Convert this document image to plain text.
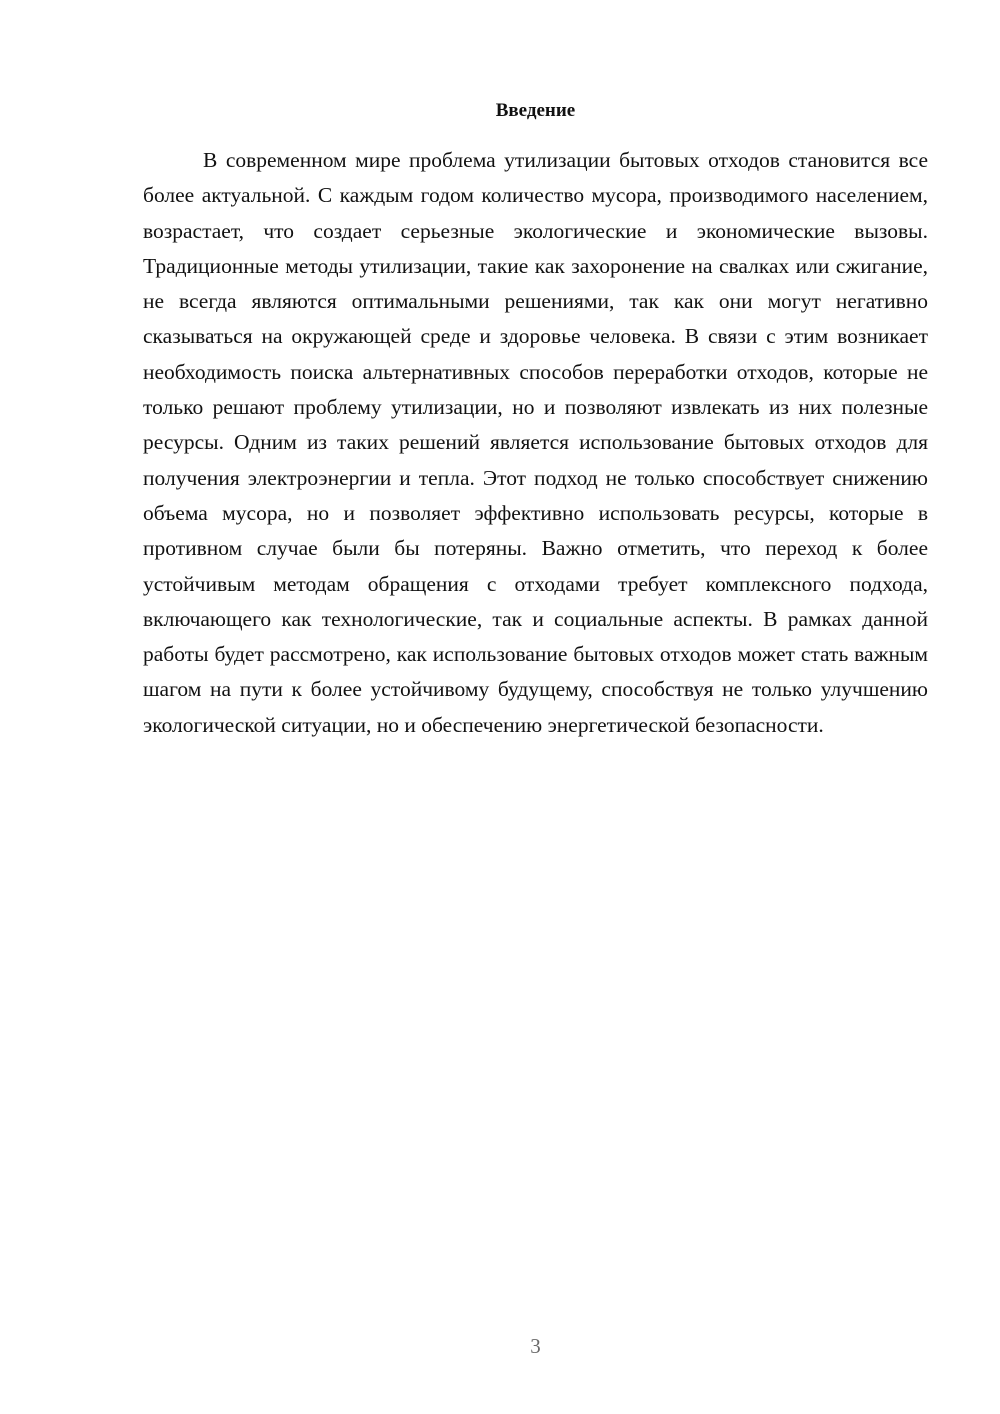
Введение

В современном мире проблема утилизации бытовых отходов становится все более актуальной. С каждым годом количество мусора, производимого населением, возрастает, что создает серьезные экологические и экономические вызовы. Традиционные методы утилизации, такие как захоронение на свалках или сжигание, не всегда являются оптимальными решениями, так как они могут негативно сказываться на окружающей среде и здоровье человека. В связи с этим возникает необходимость поиска альтернативных способов переработки отходов, которые не только решают проблему утилизации, но и позволяют извлекать из них полезные ресурсы. Одним из таких решений является использование бытовых отходов для получения электроэнергии и тепла. Этот подход не только способствует снижению объема мусора, но и позволяет эффективно использовать ресурсы, которые в противном случае были бы потеряны. Важно отметить, что переход к более устойчивым методам обращения с отходами требует комплексного подхода, включающего как технологические, так и социальные аспекты. В рамках данной работы будет рассмотрено, как использование бытовых отходов может стать важным шагом на пути к более устойчивому будущему, способствуя не только улучшению экологической ситуации, но и обеспечению энергетической безопасности.

3
